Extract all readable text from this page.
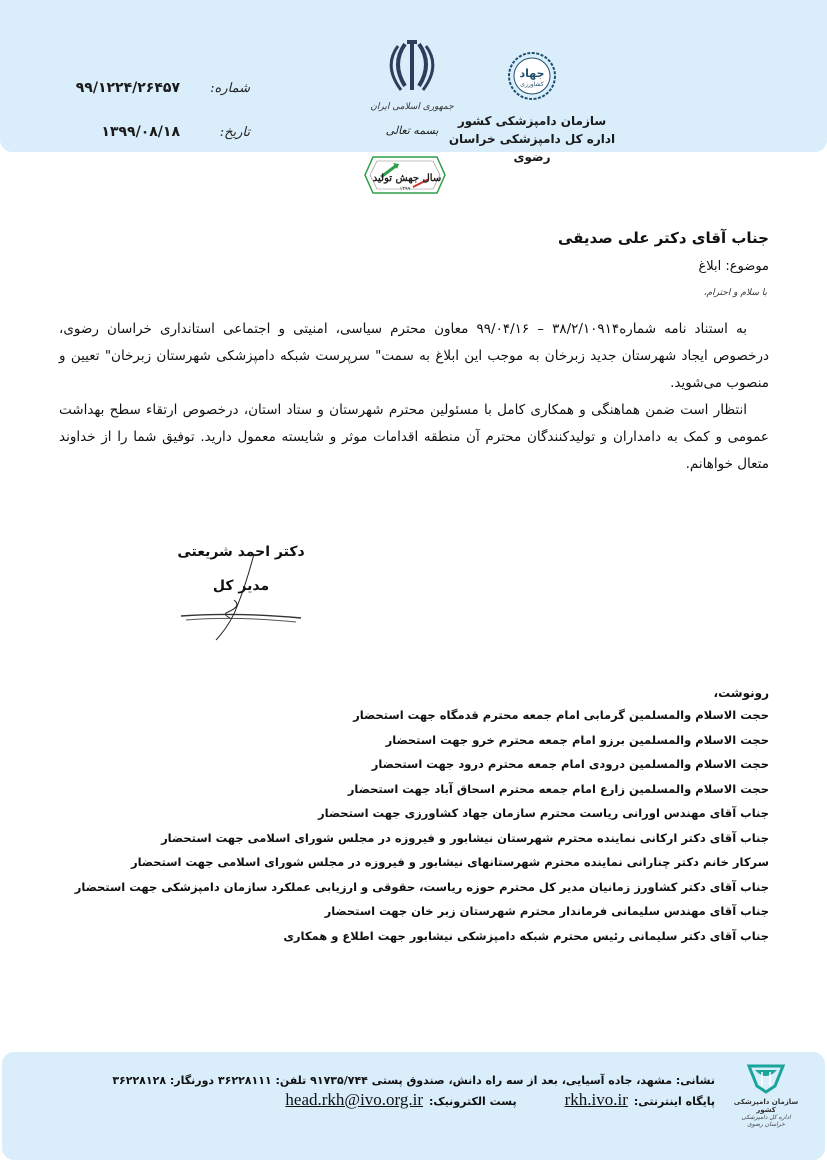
جهاد
کشاورزی
سازمان دامپزشکی کشور
اداره کل دامپزشکی خراسان رضوی
جمهوری اسلامی ایران
بسمه تعالی
شماره:
۹۹/۱۲۲۴/۲۶۴۵۷
تاریخ:
۱۳۹۹/۰۸/۱۸
سال جهش تولید
۱۳۹۹
جناب آقای دکتر علی صدیقی
موضوع: ابلاغ
با سلام و احترام،

به استناد نامه شماره۳۸/۲/۱۰۹۱۴ – ۹۹/۰۴/۱۶ معاون محترم سیاسی، امنیتی و اجتماعی استانداری خراسان رضوی، درخصوص ایجاد شهرستان جدید زبرخان به موجب این ابلاغ به سمت" سرپرست شبکه دامپزشکی شهرستان زبرخان" تعیین و منصوب می‌شوید.

انتظار است ضمن هماهنگی و همکاری کامل با مسئولین محترم شهرستان و ستاد استان، درخصوص ارتقاء سطح بهداشت عمومی و کمک به دامداران و تولیدکنندگان محترم آن منطقه اقدامات موثر و شایسته معمول دارید. توفیق شما را از خداوند متعال خواهانم.

دکتر احمد شریعتی
مدیر کل
رونوشت،
حجت الاسلام والمسلمین گرمابی امام جمعه محترم قدمگاه جهت استحضار
حجت الاسلام والمسلمین برزو امام جمعه محترم خرو جهت استحضار
حجت الاسلام والمسلمین درودی امام جمعه محترم درود جهت استحضار
حجت الاسلام والمسلمین زارع امام جمعه محترم اسحاق آباد جهت استحضار
جناب آقای مهندس اورانی ریاست محترم سازمان جهاد کشاورزی جهت استحضار
جناب آقای دکتر ارکانی نماینده محترم شهرستان نیشابور و فیروزه در مجلس شورای اسلامی جهت استحضار
سرکار خانم دکتر چنارانی نماینده محترم شهرستانهای نیشابور و فیروزه در مجلس شورای اسلامی جهت استحضار
جناب آقای دکتر کشاورز زمانیان مدیر کل محترم حوزه ریاست، حقوقی و ارزیابی عملکرد سازمان دامپزشکی جهت استحضار
جناب آقای مهندس سلیمانی فرماندار محترم شهرستان زبر خان جهت استحضار
جناب آقای دکتر سلیمانی رئیس محترم شبکه دامپزشکی نیشابور جهت اطلاع و همکاری
سازمان دامپزشکی کشور
اداره کل دامپزشکی خراسان رضوی
نشانی: مشهد، جاده آسیایی، بعد از سه راه دانش، صندوق پستی ۹۱۷۳۵/۷۴۴ تلفن: ۳۶۲۲۸۱۱۱ دورنگار: ۳۶۲۲۸۱۲۸
پایگاه اینترنتی:
rkh.ivo.ir
پست الکترونیک:
head.rkh@ivo.org.ir
